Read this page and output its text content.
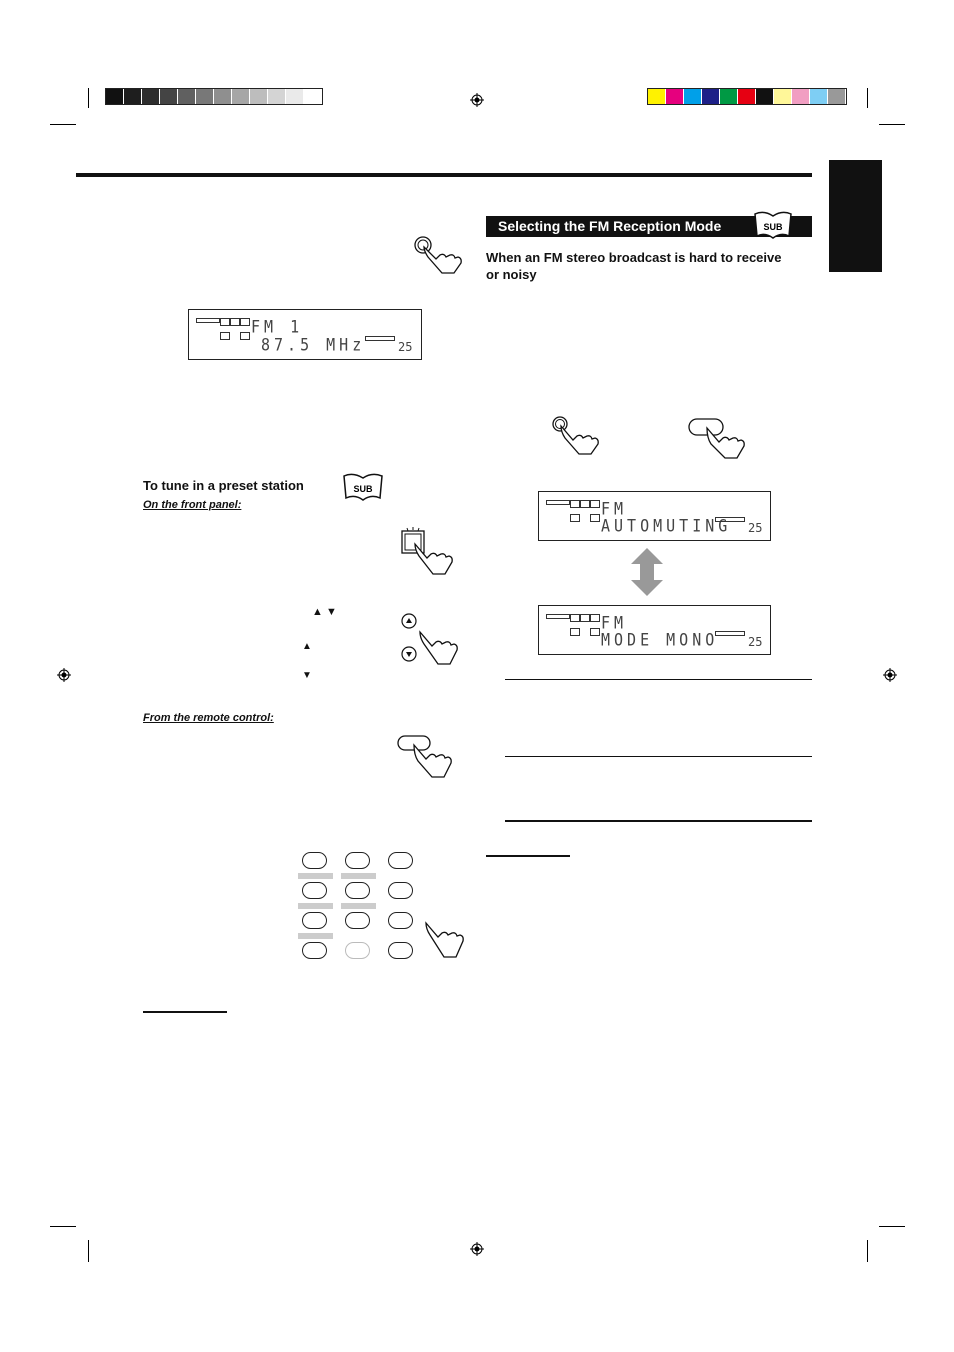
Selecting the FM Reception Mode	SUB
When an FM stereo broadcast is hard to receive or noisy
FM 1
87.5 MHz	25
To tune in a preset station	SUB
On the front panel:
▲ ▼
▲
▼
From the remote control:
FM
AUTOMUTING 25
FM
MODE MONO 25
